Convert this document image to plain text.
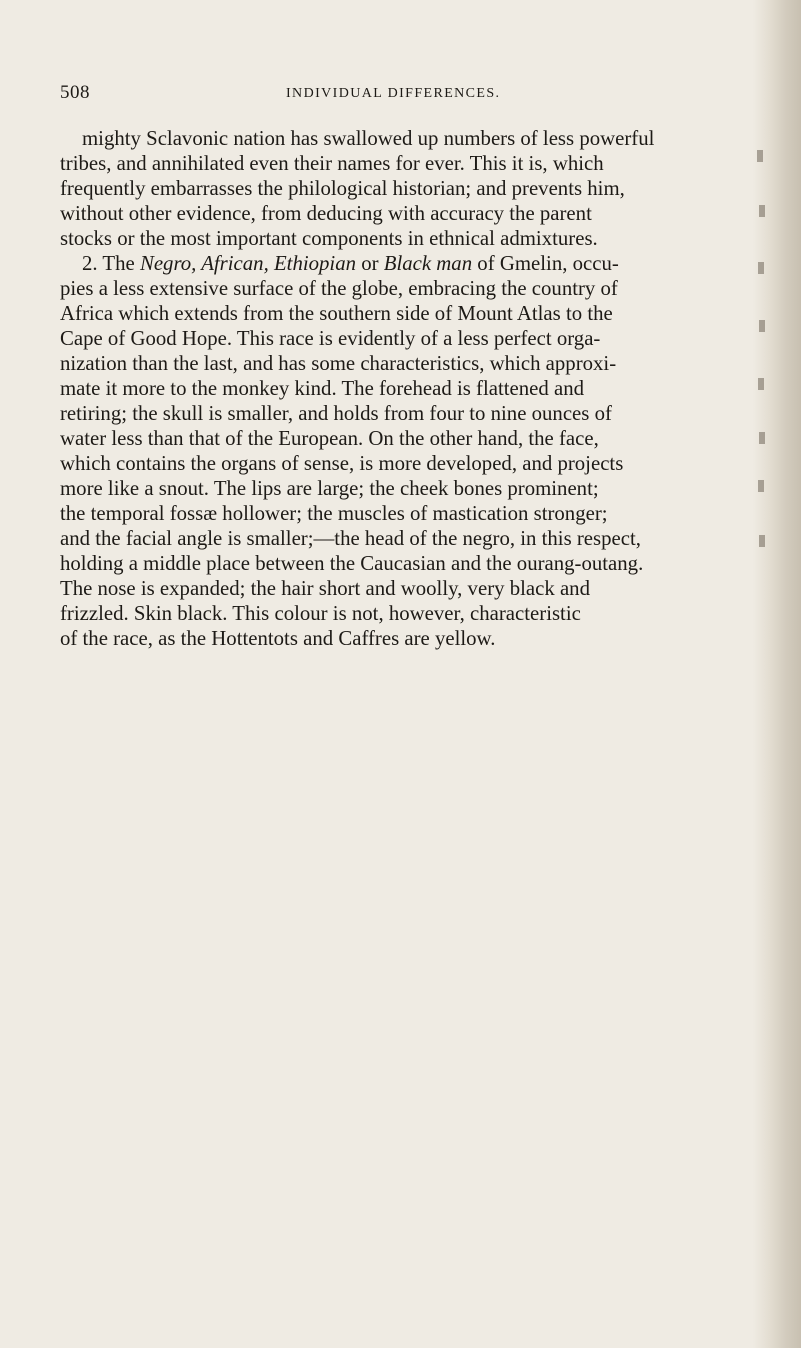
508	INDIVIDUAL DIFFERENCES.
mighty Sclavonic nation has swallowed up numbers of less powerful
tribes, and annihilated even their names for ever. This it is, which
frequently embarrasses the philological historian; and prevents him,
without other evidence, from deducing with accuracy the parent
stocks or the most important components in ethnical admixtures.
2. The Negro, African, Ethiopian or Black man of Gmelin, occu-
pies a less extensive surface of the globe, embracing the country of
Africa which extends from the southern side of Mount Atlas to the
Cape of Good Hope. This race is evidently of a less perfect orga-
nization than the last, and has some characteristics, which approxi-
mate it more to the monkey kind. The forehead is flattened and
retiring; the skull is smaller, and holds from four to nine ounces of
water less than that of the European. On the other hand, the face,
which contains the organs of sense, is more developed, and projects
more like a snout. The lips are large; the cheek bones prominent;
the temporal fossæ hollower; the muscles of mastication stronger;
and the facial angle is smaller;—the head of the negro, in this respect,
holding a middle place between the Caucasian and the ourang-outang.
The nose is expanded; the hair short and woolly, very black and
frizzled. Skin black. This colour is not, however, characteristic
of the race, as the Hottentots and Caffres are yellow.
